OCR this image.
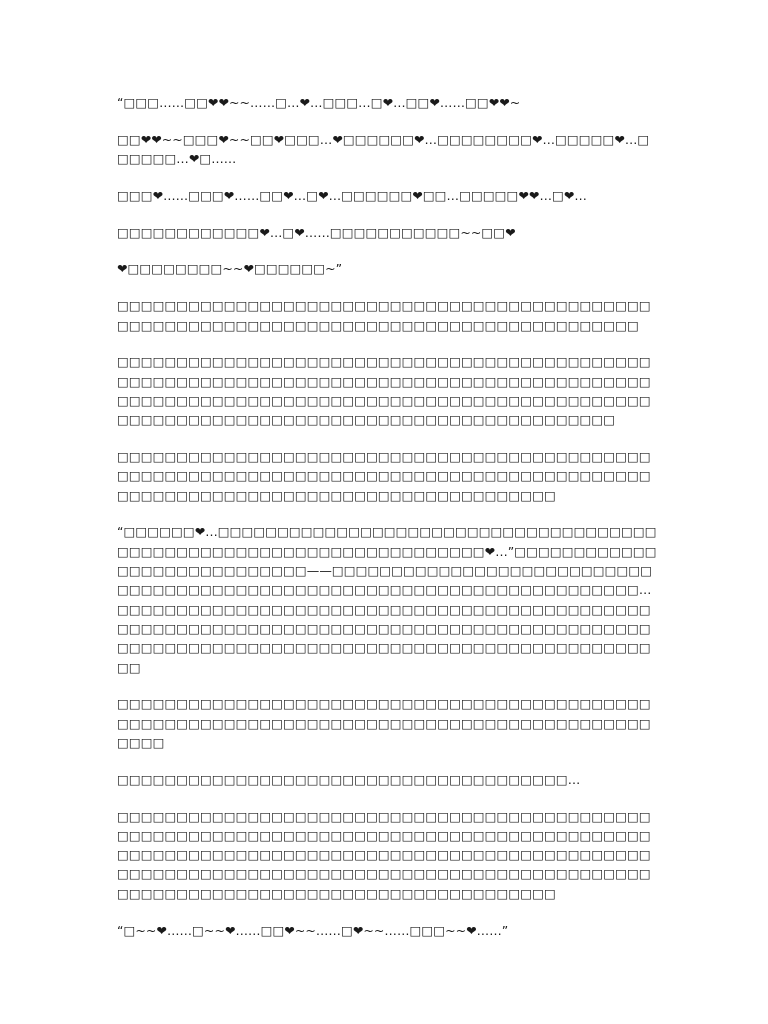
“□□□……□□❤❤~~……□…❤…□□□…□❤…□□❤……□□❤❤~

□□❤❤~~□□□❤~~□□❤□□□…❤□□□□□□❤…□□□□□□□□❤…□□□□□❤…□□□□□□…❤□……

□□□❤……□□□❤……□□❤…□❤…□□□□□□❤□□…□□□□□❤❤…□❤…

□□□□□□□□□□□□❤…□❤……□□□□□□□□□□□~~□□❤

❤□□□□□□□□~~❤□□□□□□~”

□□□□□□□□□□□□□□□□□□□□□□□□□□□□□□□□□□□□□□□□□□□□□□□□□□□□□□□□□□□□□□□□□□□□□□□□□□□□□□□□□□□□□□□□□

□□□□□□□□□□□□□□□□□□□□□□□□□□□□□□□□□□□□□□□□□□□□□□□□□□□□□□□□□□□□□□□□□□□□□□□□□□□□□□□□□□□□□□□□□□□□□□□□□□□□□□□□□□□□□□□□□□□□□□□□□□□□□□□□□□□□□□□□□□□□□□□□□□□□□□□□□□□□□□□□□□□□□□□□□□□□□□□□□

□□□□□□□□□□□□□□□□□□□□□□□□□□□□□□□□□□□□□□□□□□□□□□□□□□□□□□□□□□□□□□□□□□□□□□□□□□□□□□□□□□□□□□□□□□□□□□□□□□□□□□□□□□□□□□□□□□□□□□□□□□□□□□□

“□□□□□□❤…□□□□□□□□□□□□□□□□□□□□□□□□□□□□□□□□□□□□□□□□□□□□□□□□□□□□□□□□□□□□□□□□□□□□❤…”□□□□□□□□□□□□□□□□□□□□□□□□□□□□——□□□□□□□□□□□□□□□□□□□□□□□□□□□□□□□□□□□□□□□□□□□□□□□□□□□□□□□□□□□□□□□□□□□□□□□…□□□□□□□□□□□□□□□□□□□□□□□□□□□□□□□□□□□□□□□□□□□□□□□□□□□□□□□□□□□□□□□□□□□□□□□□□□□□□□□□□□□□□□□□□□□□□□□□□□□□□□□□□□□□□□□□□□□□□□□□□□□□□□□□□□□□□□□□□

□□□□□□□□□□□□□□□□□□□□□□□□□□□□□□□□□□□□□□□□□□□□□□□□□□□□□□□□□□□□□□□□□□□□□□□□□□□□□□□□□□□□□□□□□□□□□□

□□□□□□□□□□□□□□□□□□□□□□□□□□□□□□□□□□□□□□…

□□□□□□□□□□□□□□□□□□□□□□□□□□□□□□□□□□□□□□□□□□□□□□□□□□□□□□□□□□□□□□□□□□□□□□□□□□□□□□□□□□□□□□□□□□□□□□□□□□□□□□□□□□□□□□□□□□□□□□□□□□□□□□□□□□□□□□□□□□□□□□□□□□□□□□□□□□□□□□□□□□□□□□□□□□□□□□□□□□□□□□□□□□□□□□□□□□□□□□□□□□□□□□□□□□□□□□□□□

“□~~❤……□~~❤……□□❤~~……□❤~~……□□□~~❤……”
